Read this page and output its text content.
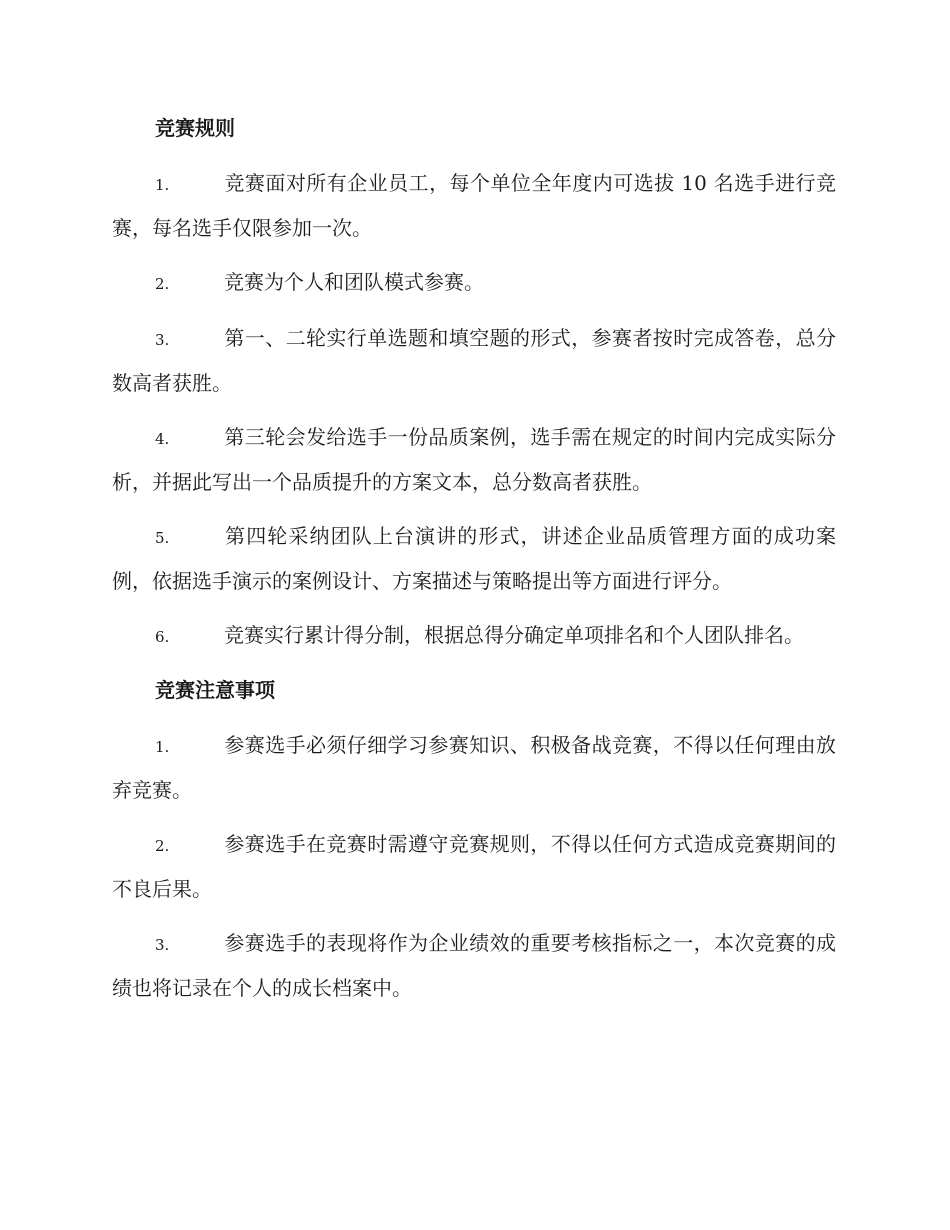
竞赛规则
1.	竞赛面对所有企业员工，每个单位全年度内可选拔 10 名选手进行竞赛，每名选手仅限参加一次。
2.	竞赛为个人和团队模式参赛。
3.	第一、二轮实行单选题和填空题的形式，参赛者按时完成答卷，总分数高者获胜。
4.	第三轮会发给选手一份品质案例，选手需在规定的时间内完成实际分析，并据此写出一个品质提升的方案文本，总分数高者获胜。
5.	第四轮采纳团队上台演讲的形式，讲述企业品质管理方面的成功案例，依据选手演示的案例设计、方案描述与策略提出等方面进行评分。
6.	竞赛实行累计得分制，根据总得分确定单项排名和个人团队排名。
竞赛注意事项
1.	参赛选手必须仔细学习参赛知识、积极备战竞赛，不得以任何理由放弃竞赛。
2.	参赛选手在竞赛时需遵守竞赛规则，不得以任何方式造成竞赛期间的不良后果。
3.	参赛选手的表现将作为企业绩效的重要考核指标之一，本次竞赛的成绩也将记录在个人的成长档案中。
